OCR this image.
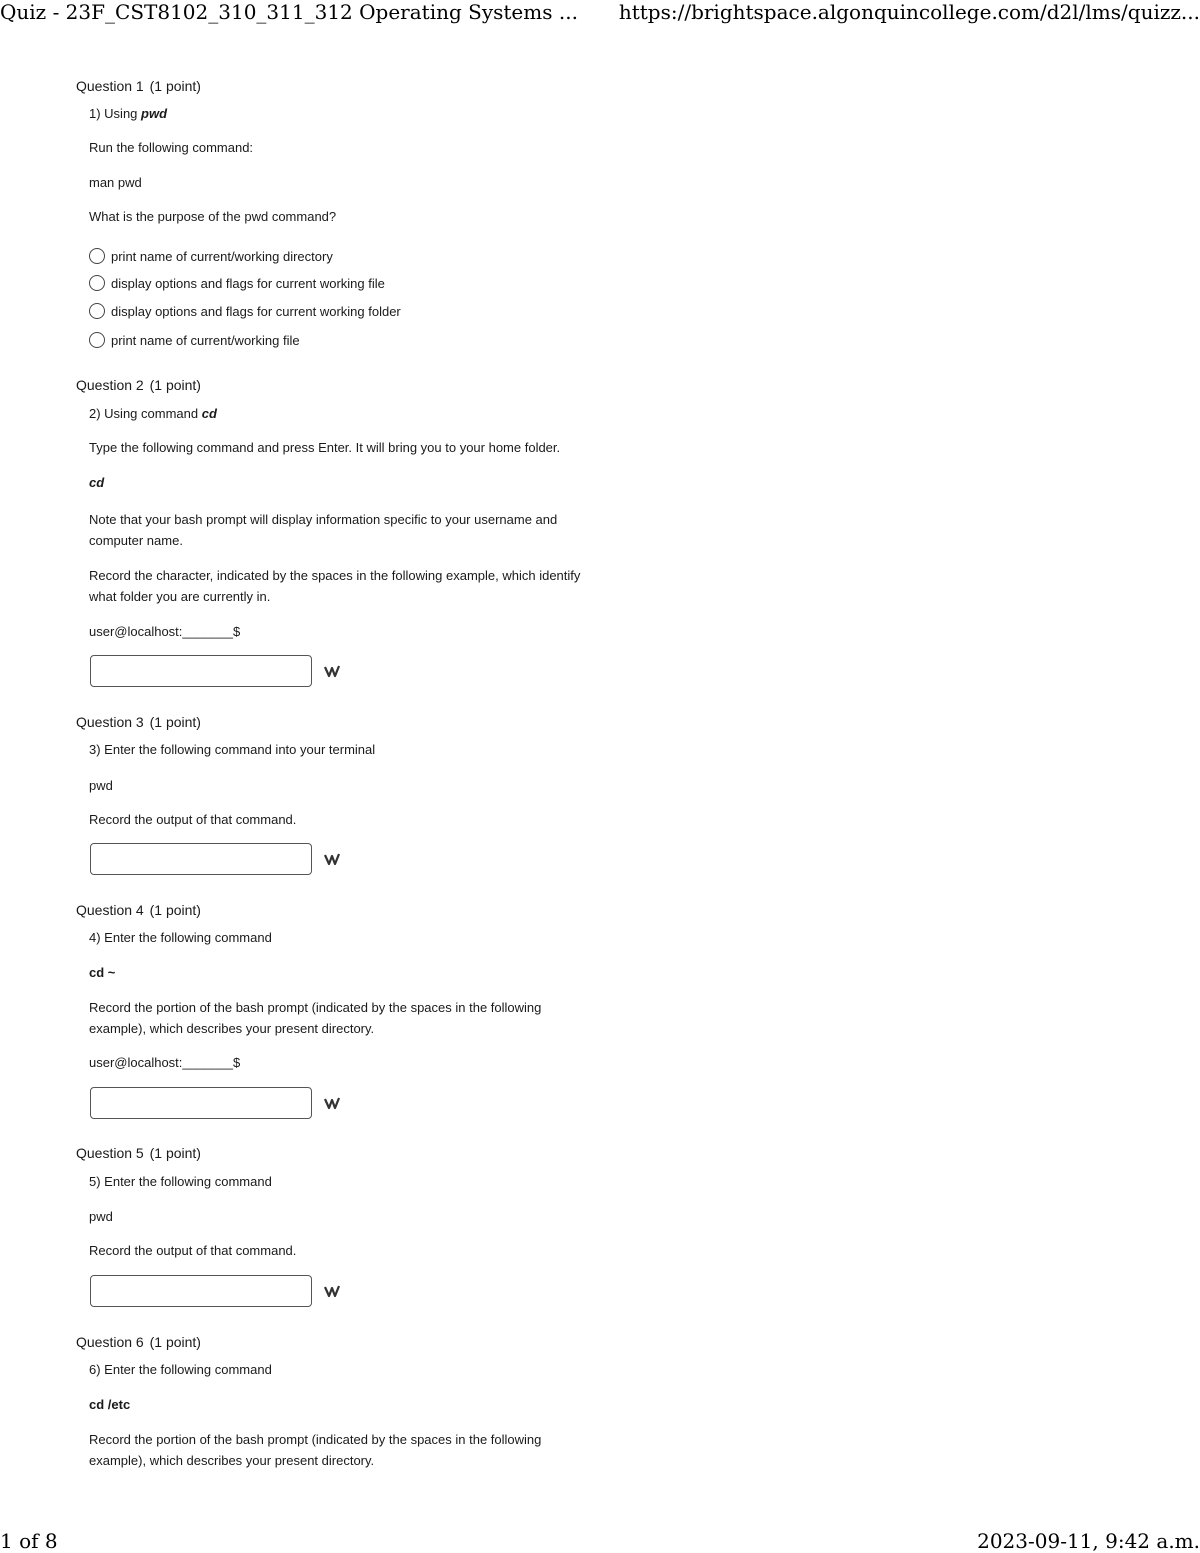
Quiz - 23F_CST8102_310_311_312 Operating Systems ... https://brightspace.algonquincollege.com/d2l/lms/quizz...
Question 1 (1 point)
1) Using pwd
Run the following command:
man pwd
What is the purpose of the pwd command?
print name of current/working directory
display options and flags for current working file
display options and flags for current working folder
print name of current/working file
Question 2 (1 point)
2) Using command cd
Type the following command and press Enter. It will bring you to your home folder.
cd
Note that your bash prompt will display information specific to your username and computer name.
Record the character, indicated by the spaces in the following example, which identify what folder you are currently in.
user@localhost:_______$
Question 3 (1 point)
3) Enter the following command into your terminal
pwd
Record the output of that command.
Question 4 (1 point)
4) Enter the following command
cd ~
Record the portion of the bash prompt (indicated by the spaces in the following example), which describes your present directory.
user@localhost:_______$
Question 5 (1 point)
5) Enter the following command
pwd
Record the output of that command.
Question 6 (1 point)
6) Enter the following command
cd /etc
Record the portion of the bash prompt (indicated by the spaces in the following example), which describes your present directory.
1 of 8	2023-09-11, 9:42 a.m.
